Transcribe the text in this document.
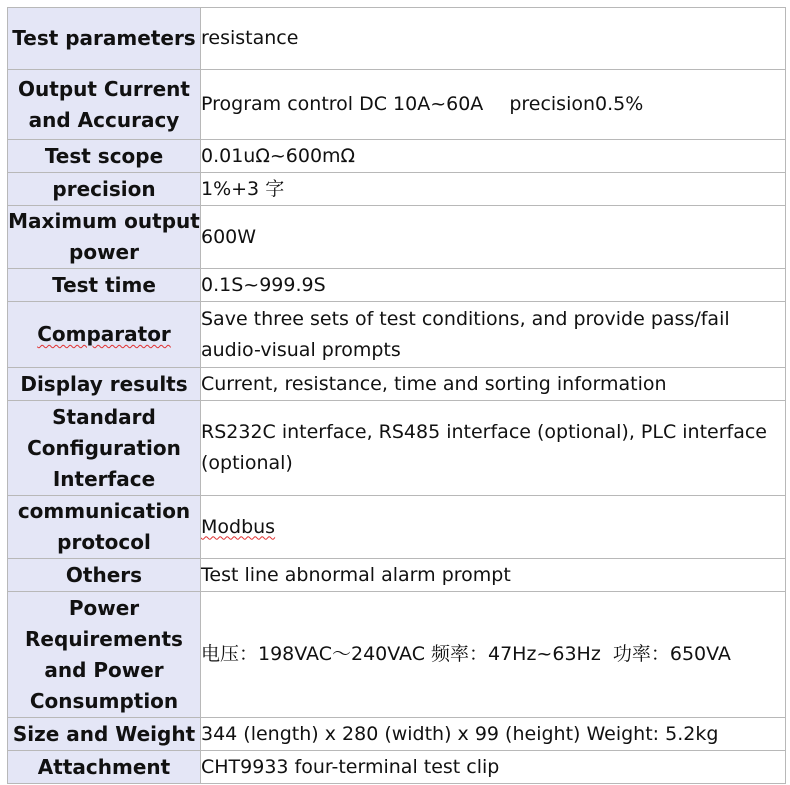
Test parameters	resistance
Output Current and Accuracy	Program control DC 10A~60A precision0.5%
Test scope	0.01uΩ~600mΩ
precision	1%+3 字
Maximum output power	600W
Test time	0.1S~999.9S
Comparator	Save three sets of test conditions, and provide pass/fail audio-visual prompts
Display results	Current, resistance, time and sorting information
Standard Configuration Interface	RS232C interface, RS485 interface (optional), PLC interface (optional)
communication protocol	Modbus
Others	Test line abnormal alarm prompt
Power Requirements and Power Consumption	电压：198VAC～240VAC 频率：47Hz~63Hz  功率：650VA
Size and Weight	344 (length) x 280 (width) x 99 (height) Weight: 5.2kg
Attachment	CHT9933 four-terminal test clip
